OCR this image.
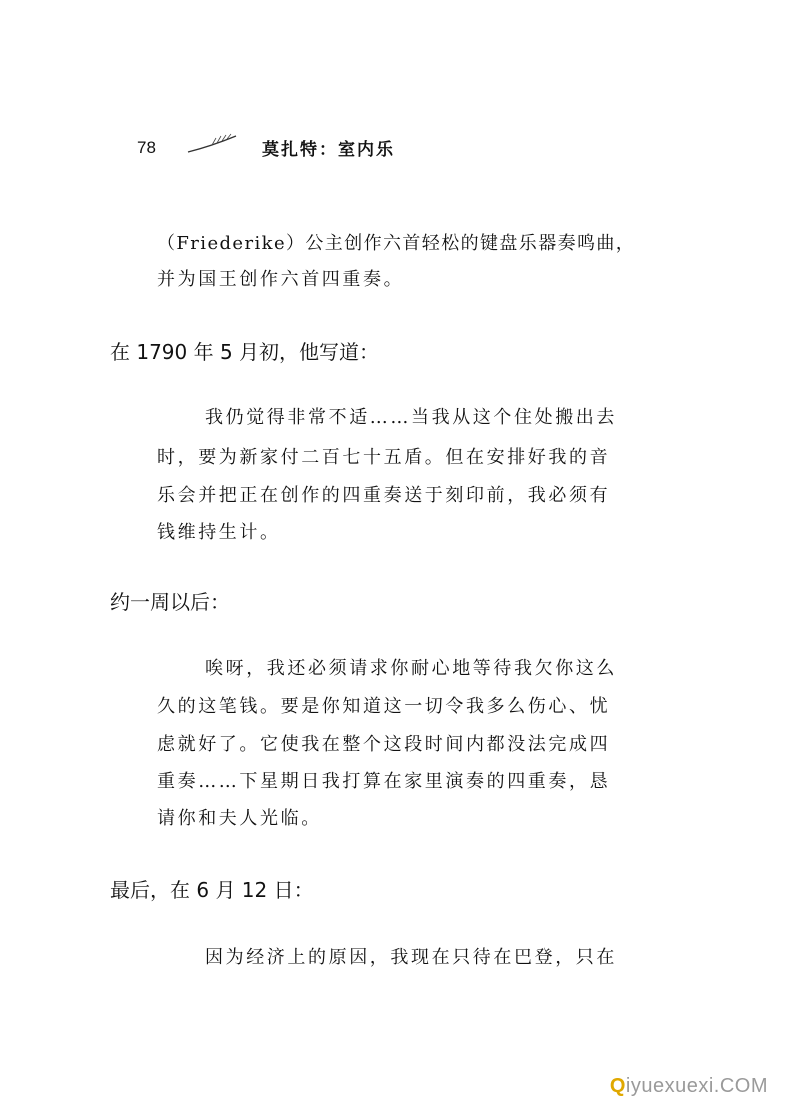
78	莫扎特：室内乐
（Friederike）公主创作六首轻松的键盘乐器奏鸣曲，
并为国王创作六首四重奏。
在 1790 年 5 月初，他写道：
我仍觉得非常不适……当我从这个住处搬出去
时，要为新家付二百七十五盾。但在安排好我的音
乐会并把正在创作的四重奏送于刻印前，我必须有
钱维持生计。
约一周以后：
唉呀，我还必须请求你耐心地等待我欠你这么
久的这笔钱。要是你知道这一切令我多么伤心、忧
虑就好了。它使我在整个这段时间内都没法完成四
重奏……下星期日我打算在家里演奏的四重奏，恳
请你和夫人光临。
最后，在 6 月 12 日：
因为经济上的原因，我现在只待在巴登，只在
Qiyuexuexi.COM
